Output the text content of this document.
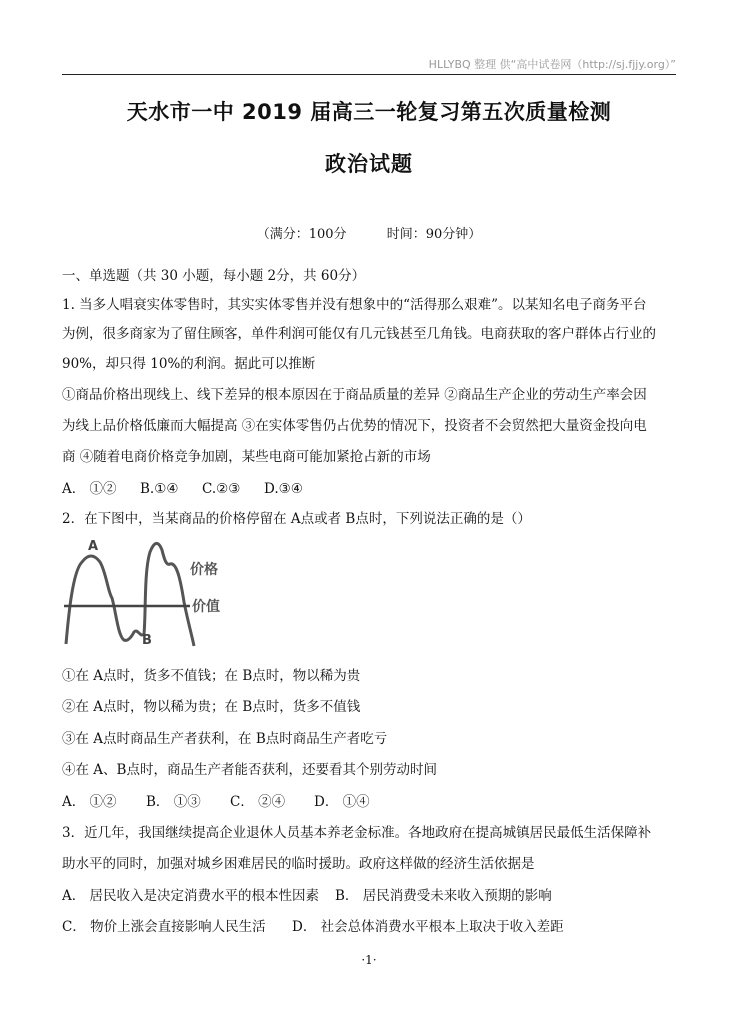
HLLYBQ 整理 供“高中试卷网（http://sj.fjjy.org）”
天水市一中 2019 届高三一轮复习第五次质量检测
政治试题
（满分：100分	时间：90分钟）
一、单选题（共 30 小题，每小题 2分，共 60分）
1. 当多人唱衰实体零售时，其实实体零售并没有想象中的“活得那么艰难”。以某知名电子商务平台
为例，很多商家为了留住顾客，单件利润可能仅有几元钱甚至几角钱。电商获取的客户群体占行业的
90%，却只得 10%的利润。据此可以推断
①商品价格出现线上、线下差异的根本原因在于商品质量的差异 ②商品生产企业的劳动生产率会因
为线上品价格低廉而大幅提高 ③在实体零售仍占优势的情况下，投资者不会贸然把大量资金投向电
商 ④随着电商价格竞争加剧，某些电商可能加紧抢占新的市场
A． ①② B.①④ C.②③ D.③④
2．在下图中，当某商品的价格停留在 A点或者 B点时，下列说法正确的是（）
A
B
价格
价值
①在 A点时，货多不值钱；在 B点时，物以稀为贵
②在 A点时，物以稀为贵；在 B点时，货多不值钱
③在 A点时商品生产者获利，在 B点时商品生产者吃亏
④在 A、B点时，商品生产者能否获利，还要看其个别劳动时间
A． ①② B． ①③ C． ②④ D． ①④
3．近几年，我国继续提高企业退休人员基本养老金标准。各地政府在提高城镇居民最低生活保障补
助水平的同时，加强对城乡困难居民的临时援助。政府这样做的经济生活依据是
A． 居民收入是决定消费水平的根本性因素 B． 居民消费受未来收入预期的影响
C． 物价上涨会直接影响人民生活 D． 社会总体消费水平根本上取决于收入差距
·1·
